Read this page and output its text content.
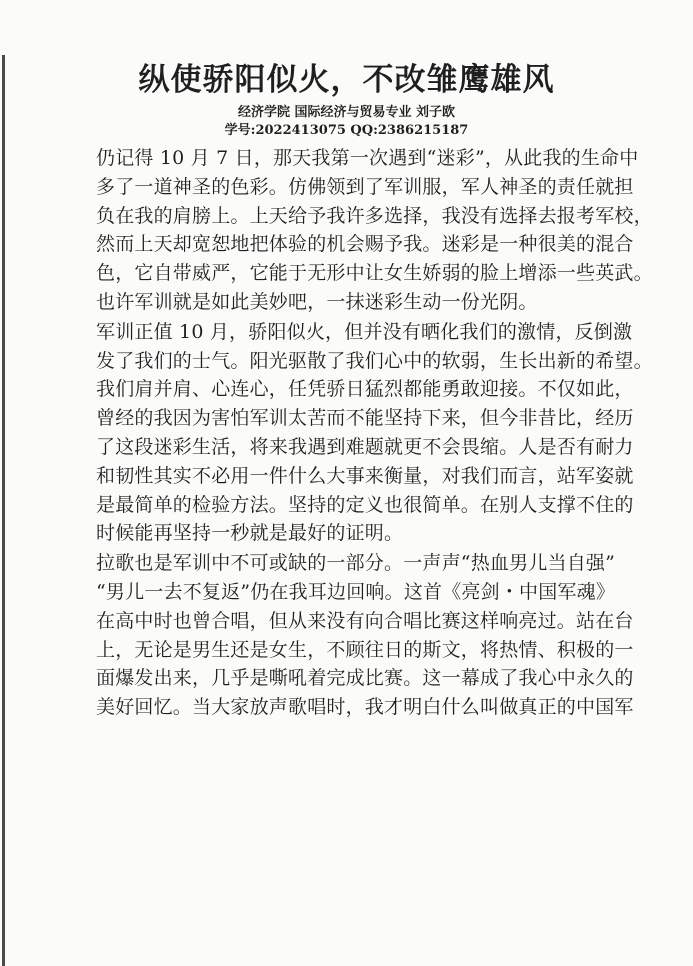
纵使骄阳似火，不改雏鹰雄风
经济学院 国际经济与贸易专业 刘子欧
学号:2022413075 QQ:2386215187

仍记得 10 月 7 日，那天我第一次遇到“迷彩”，从此我的生命中

多了一道神圣的色彩。仿佛领到了军训服，军人神圣的责任就担

负在我的肩膀上。上天给予我许多选择，我没有选择去报考军校，

然而上天却宽恕地把体验的机会赐予我。迷彩是一种很美的混合

色，它自带威严，它能于无形中让女生娇弱的脸上增添一些英武。

也许军训就是如此美妙吧，一抹迷彩生动一份光阴。

军训正值 10 月，骄阳似火，但并没有晒化我们的激情，反倒激

发了我们的士气。阳光驱散了我们心中的软弱，生长出新的希望。

我们肩并肩、心连心，任凭骄日猛烈都能勇敢迎接。不仅如此，

曾经的我因为害怕军训太苦而不能坚持下来，但今非昔比，经历

了这段迷彩生活，将来我遇到难题就更不会畏缩。人是否有耐力

和韧性其实不必用一件什么大事来衡量，对我们而言，站军姿就

是最简单的检验方法。坚持的定义也很简单。在别人支撑不住的

时候能再坚持一秒就是最好的证明。

拉歌也是军训中不可或缺的一部分。一声声“热血男儿当自强”

“男儿一去不复返”仍在我耳边回响。这首《亮剑・中国军魂》

在高中时也曾合唱，但从来没有向合唱比赛这样响亮过。站在台

上，无论是男生还是女生，不顾往日的斯文，将热情、积极的一

面爆发出来，几乎是嘶吼着完成比赛。这一幕成了我心中永久的

美好回忆。当大家放声歌唱时，我才明白什么叫做真正的中国军
